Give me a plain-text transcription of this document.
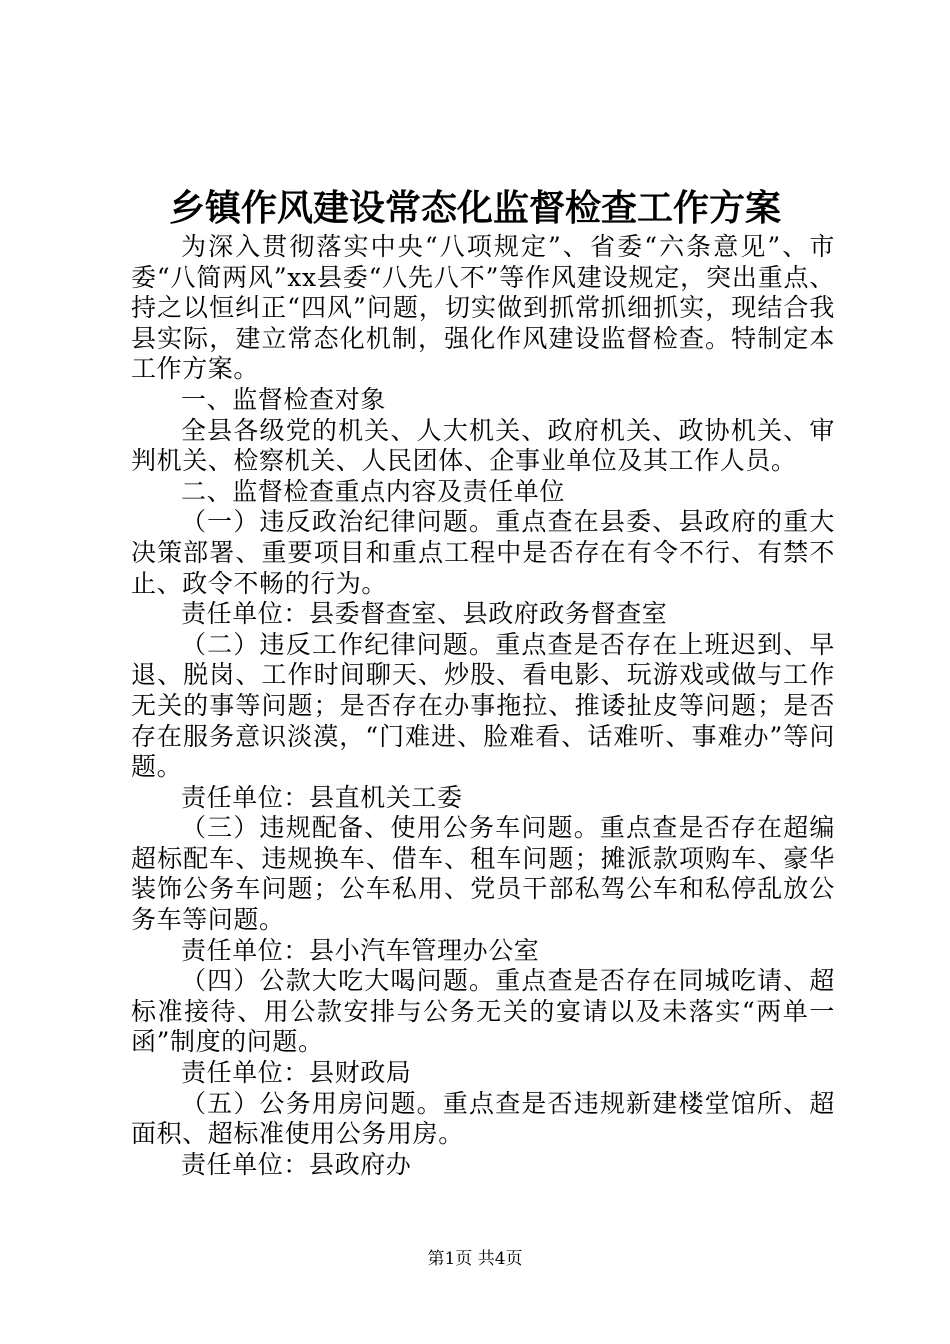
乡镇作风建设常态化监督检查工作方案

为深入贯彻落实中央“八项规定”、省委“六条意见”、市委“八简两风”xx县委“八先八不”等作风建设规定，突出重点、持之以恒纠正“四风”问题，切实做到抓常抓细抓实，现结合我县实际，建立常态化机制，强化作风建设监督检查。特制定本工作方案。

一、监督检查对象

全县各级党的机关、人大机关、政府机关、政协机关、审判机关、检察机关、人民团体、企事业单位及其工作人员。

二、监督检查重点内容及责任单位

（一）违反政治纪律问题。重点查在县委、县政府的重大决策部署、重要项目和重点工程中是否存在有令不行、有禁不止、政令不畅的行为。

责任单位：县委督查室、县政府政务督查室

（二）违反工作纪律问题。重点查是否存在上班迟到、早退、脱岗、工作时间聊天、炒股、看电影、玩游戏或做与工作无关的事等问题；是否存在办事拖拉、推诿扯皮等问题；是否存在服务意识淡漠，“门难进、脸难看、话难听、事难办”等问题。

责任单位：县直机关工委

（三）违规配备、使用公务车问题。重点查是否存在超编超标配车、违规换车、借车、租车问题；摊派款项购车、豪华装饰公务车问题；公车私用、党员干部私驾公车和私停乱放公务车等问题。

责任单位：县小汽车管理办公室

（四）公款大吃大喝问题。重点查是否存在同城吃请、超标准接待、用公款安排与公务无关的宴请以及未落实“两单一函”制度的问题。

责任单位：县财政局

（五）公务用房问题。重点查是否违规新建楼堂馆所、超面积、超标准使用公务用房。

责任单位：县政府办

第1页 共4页
